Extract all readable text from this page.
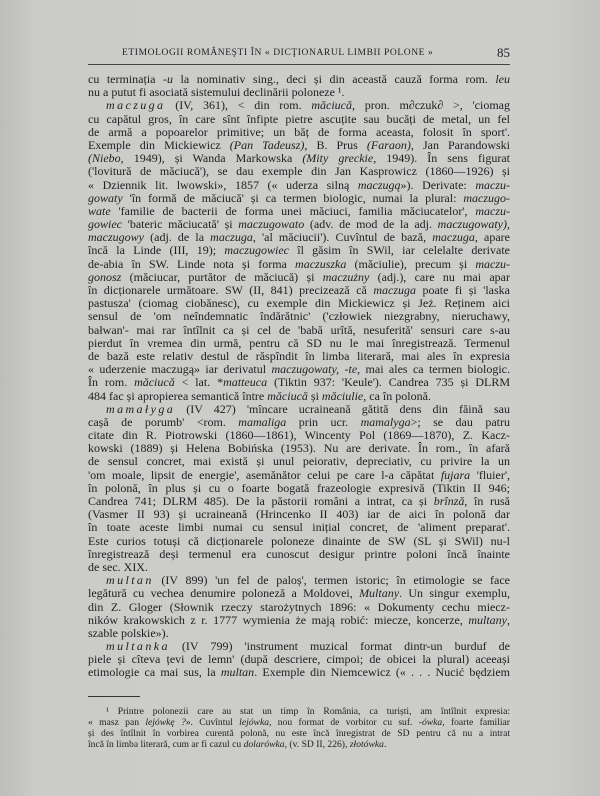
ETIMOLOGII ROMÂNEŞTI ÎN « DICŢIONARUL LIMBII POLONE »	85
cu terminația -u la nominativ sing., deci și din această cauză forma rom. leu
nu a putut fi asociată sistemului declinării poloneze ¹.
maczuga (IV, 361), < din rom. măciucă, pron. m∂czuk∂ >, 'ciomag
cu capătul gros, în care sînt înfipte pietre ascuțite sau bucăți de metal, un fel
de armă a popoarelor primitive; un băț de forma aceasta, folosit în sport'.
Exemple din Mickiewicz (Pan Tadeusz), B. Prus (Faraon), Jan Parandowski
(Niebo, 1949), și Wanda Markowska (Mity greckie, 1949). În sens figurat
('lovitură de măciucă'), se dau exemple din Jan Kasprowicz (1860—1926) și
« Dziennik lit. lwowski», 1857 (« uderza silną maczugą»). Derivate: maczu-
gowaty 'în formă de măciucă' și ca termen biologic, numai la plural: maczugo-
wate 'familie de bacterii de forma unei măciuci, familia măciucatelor', maczu-
gowiec 'bateric măciucată' și maczugowato (adv. de mod de la adj. maczugowaty),
maczugowy (adj. de la maczuga, 'al măciucii'). Cuvîntul de bază, maczuga, apare
încă la Linde (III, 19); maczugowiec îl găsim în SWil, iar celelalte derivate
de-abia în SW. Linde nota și forma maczuszka (măciulie), precum și maczu-
gonosz (măciucar, purtător de măciucă) și maczużny (adj.), care nu mai apar
în dicționarele următoare. SW (II, 841) precizează că maczuga poate fi și 'laska
pastusza' (ciomag ciobănesc), cu exemple din Mickiewicz și Jeż. Reținem aici
sensul de 'om neîndemnatic îndărătnic' ('człowiek niezgrabny, nieruchawy,
bałwan'- mai rar întîlnit ca și cel de 'babă urîtă, nesuferită' sensuri care s-au
pierdut în vremea din urmă, pentru că SD nu le mai înregistrează. Termenul
de bază este relativ destul de răspîndit în limba literară, mai ales în expresia
« uderzenie maczugą» iar derivatul maczugowaty, -te, mai ales ca termen biologic.
În rom. măciucă < lat. *matteuca (Tiktin 937: 'Keule'). Candrea 735 și DLRM
484 fac și apropierea semantică între măciucă și măciulie, ca în polonă.
mamałyga (IV 427) 'mîncare ucraineană gătită dens din făină sau
cașă de porumb' <rom. mamaliga prin ucr. mamalyga>; se dau patru
citate din R. Piotrowski (1860—1861), Wincenty Pol (1869—1870), Z. Kacz-
kowski (1889) și Helena Bobińska (1953). Nu are derivate. În rom., în afară
de sensul concret, mai există și unul peiorativ, depreciativ, cu privire la un
'om moale, lipsit de energie', asemănător celui pe care l-a căpătat fujara 'fluier',
în polonă, în plus și cu o foarte bogată frazeologie expresivă (Tiktin II 946;
Candrea 741; DLRM 485). De la păstorii români a intrat, ca și brînză, în rusă
(Vasmer II 93) și ucraineană (Hrincenko II 403) iar de aici în polonă dar
în toate aceste limbi numai cu sensul inițial concret, de 'aliment preparat'.
Este curios totuși că dicționarele poloneze dinainte de SW (SL și SWil) nu-l
înregistrează deși termenul era cunoscut desigur printre poloni încă înainte
de sec. XIX.
multan (IV 899) 'un fel de paloș', termen istoric; în etimologie se face
legătură cu vechea denumire poloneză a Moldovei, Multany. Un singur exemplu,
din Z. Gloger (Słownik rzeczy starożytnych 1896: « Dokumenty cechu miecz-
ników krakowskich z r. 1777 wymienia że mają robić: miecze, koncerze, multany,
szable polskie»).
multanka (IV 799) 'instrument muzical format dintr-un burduf de
piele și cîteva țevi de lemn' (după descriere, cimpoi; de obicei la plural) aceeași
etimologie ca mai sus, la multan. Exemple din Niemcewicz (« . . . Nucić będziem
¹ Printre polonezii care au stat un timp în România, ca turiști, am întîlnit expresia:
« masz pan lejówkę ?». Cuvîntul lejówka, nou format de vorbitor cu suf. -ówka, foarte familiar
și des întîlnit în vorbirea curentă polonă, nu este încă înregistrat de SD pentru că nu a intrat
încă în limba literară, cum ar fi cazul cu dolarówka, (v. SD II, 226), złotówka.
